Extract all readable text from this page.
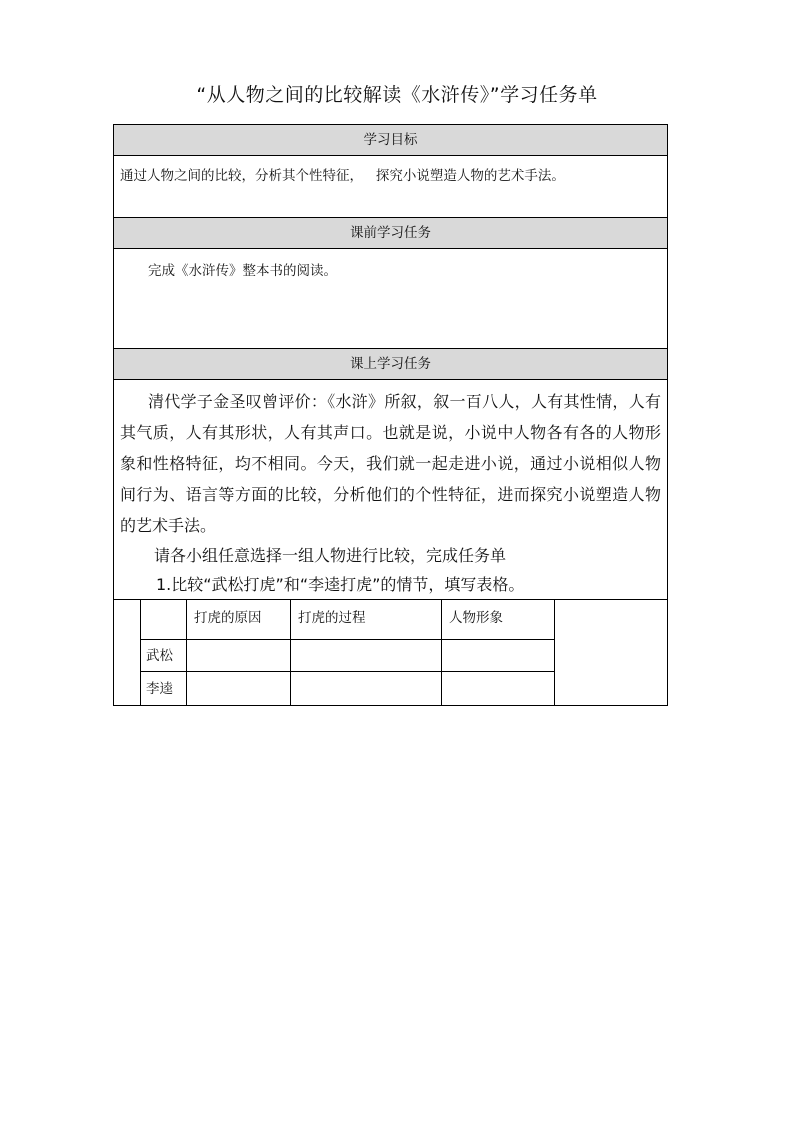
“从人物之间的比较解读《水浒传》”学习任务单
学习目标
通过人物之间的比较，分析其个性特征，   探究小说塑造人物的艺术手法。
课前学习任务
完成《水浒传》整本书的阅读。
课上学习任务

清代学子金圣叹曾评价：《水浒》所叙，叙一百八人，人有其性情，人有其气质，人有其形状，人有其声口。也就是说，小说中人物各有各的人物形象和性格特征，均不相同。今天，我们就一起走进小说，通过小说相似人物间行为、语言等方面的比较，分析他们的个性特征，进而探究小说塑造人物的艺术手法。

请各小组任意选择一组人物进行比较，完成任务单

1.比较“武松打虎”和“李逵打虎”的情节，填写表格。

打虎的原因	打虎的过程	人物形象
武松
李逵
